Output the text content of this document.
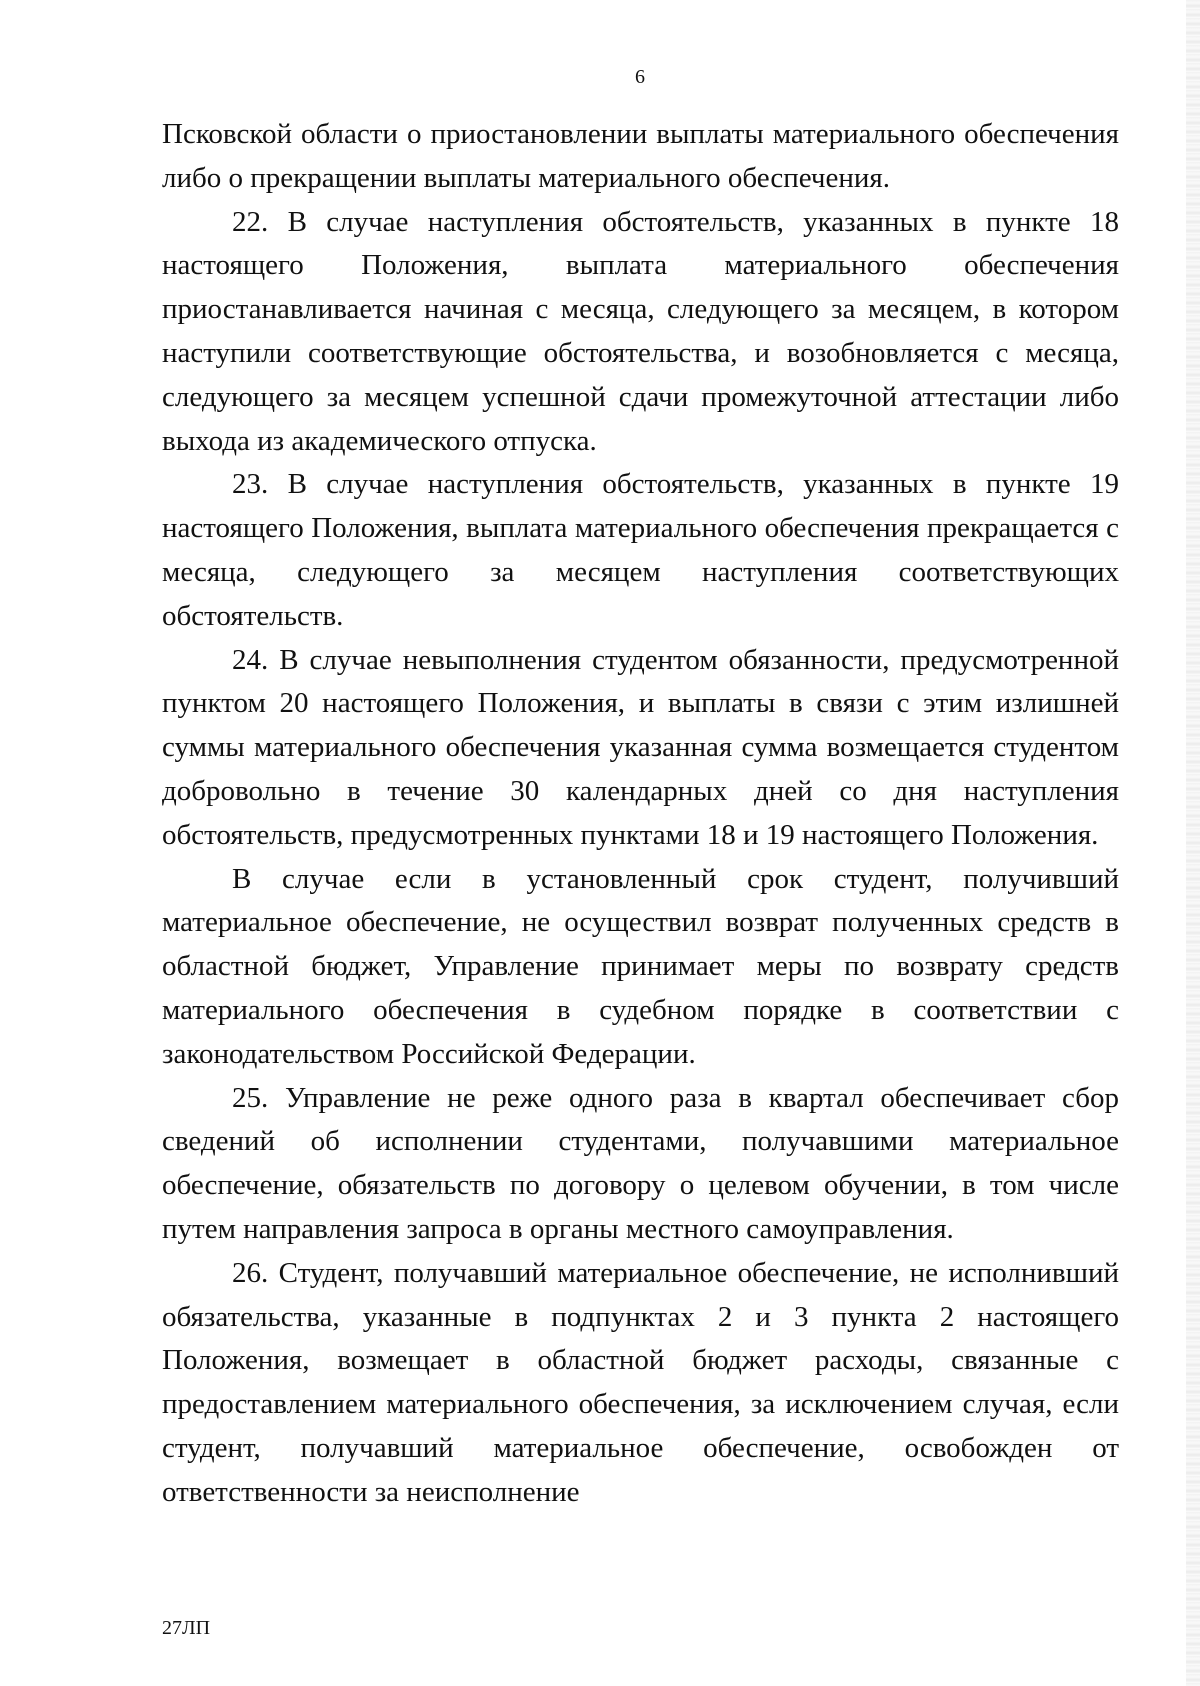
6

Псковской области о приостановлении выплаты материального обеспечения либо о прекращении выплаты материального обеспечения.

22. В случае наступления обстоятельств, указанных в пункте 18 настоящего Положения, выплата материального обеспечения приостанавливается начиная с месяца, следующего за месяцем, в котором наступили соответствующие обстоятельства, и возобновляется с месяца, следующего за месяцем успешной сдачи промежуточной аттестации либо выхода из академического отпуска.

23. В случае наступления обстоятельств, указанных в пункте 19 настоящего Положения, выплата материального обеспечения прекращается с месяца, следующего за месяцем наступления соответствующих обстоятельств.

24. В случае невыполнения студентом обязанности, предусмотренной пунктом 20 настоящего Положения, и выплаты в связи с этим излишней суммы материального обеспечения указанная сумма возмещается студентом добровольно в течение 30 календарных дней со дня наступления обстоятельств, предусмотренных пунктами 18 и 19 настоящего Положения.

В случае если в установленный срок студент, получивший материальное обеспечение, не осуществил возврат полученных средств в областной бюджет, Управление принимает меры по возврату средств материального обеспечения в судебном порядке в соответствии с законодательством Российской Федерации.

25. Управление не реже одного раза в квартал обеспечивает сбор сведений об исполнении студентами, получавшими материальное обеспечение, обязательств по договору о целевом обучении, в том числе путем направления запроса в органы местного самоуправления.

26. Студент, получавший материальное обеспечение, не исполнивший обязательства, указанные в подпунктах 2 и 3 пункта 2 настоящего Положения, возмещает в областной бюджет расходы, связанные с предоставлением материального обеспечения, за исключением случая, если студент, получавший материальное обеспечение, освобожден от ответственности за неисполнение

27ЛП
